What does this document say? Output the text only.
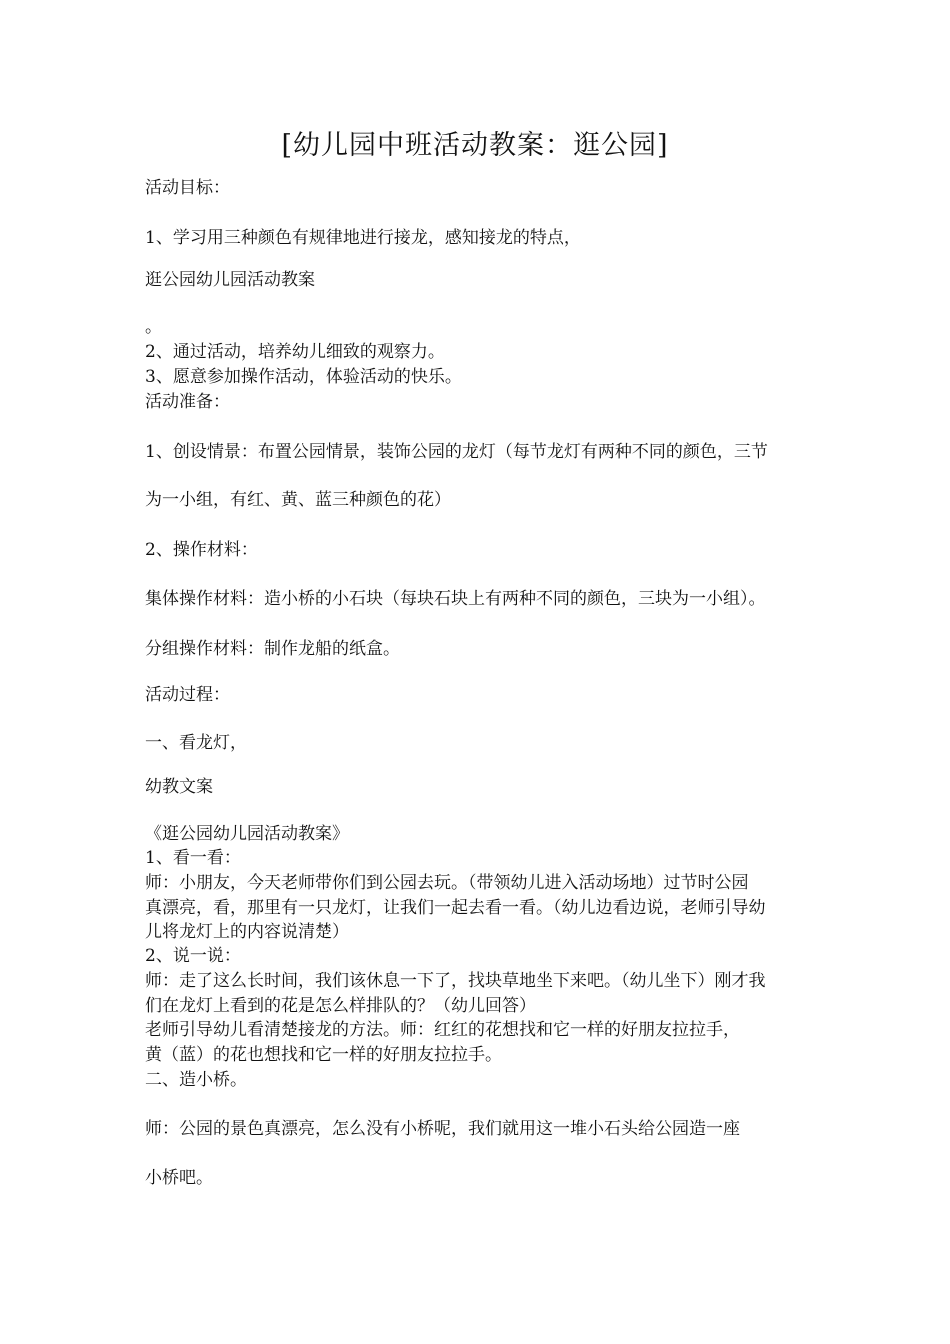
[幼儿园中班活动教案：逛公园]
活动目标：
1、学习用三种颜色有规律地进行接龙，感知接龙的特点，
逛公园幼儿园活动教案
。
2、通过活动，培养幼儿细致的观察力。
3、愿意参加操作活动，体验活动的快乐。
活动准备：
1、创设情景：布置公园情景，装饰公园的龙灯（每节龙灯有两种不同的颜色，三节
为一小组，有红、黄、蓝三种颜色的花）
2、操作材料：
集体操作材料：造小桥的小石块（每块石块上有两种不同的颜色，三块为一小组）。
分组操作材料：制作龙船的纸盒。
活动过程：
一、看龙灯，
幼教文案
《逛公园幼儿园活动教案》
1、看一看：
师：小朋友，今天老师带你们到公园去玩。（带领幼儿进入活动场地）过节时公园
真漂亮，看，那里有一只龙灯，让我们一起去看一看。（幼儿边看边说，老师引导幼
儿将龙灯上的内容说清楚）
2、说一说：
师：走了这么长时间，我们该休息一下了，找块草地坐下来吧。（幼儿坐下）刚才我
们在龙灯上看到的花是怎么样排队的？（幼儿回答）
老师引导幼儿看清楚接龙的方法。师：红红的花想找和它一样的好朋友拉拉手，
黄（蓝）的花也想找和它一样的好朋友拉拉手。
二、造小桥。
师：公园的景色真漂亮，怎么没有小桥呢，我们就用这一堆小石头给公园造一座
小桥吧。
